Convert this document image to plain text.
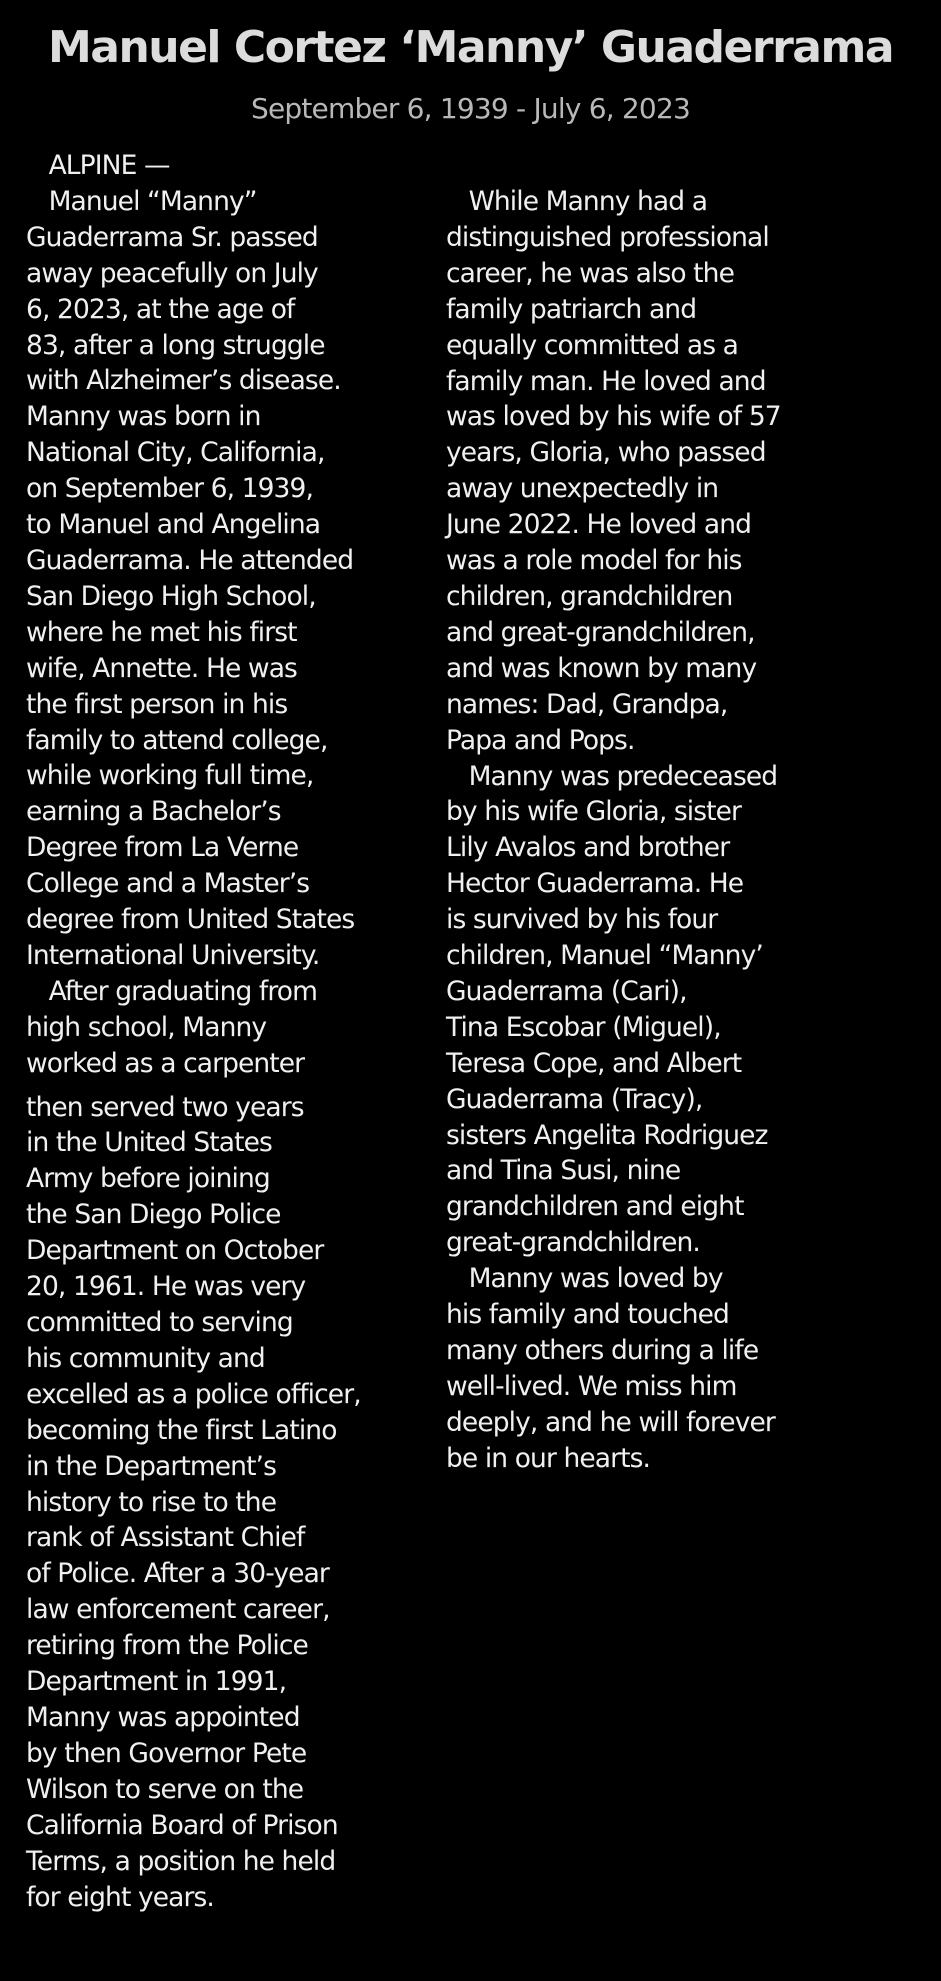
Manuel Cortez ‘Manny’ Guaderrama
September 6, 1939 - July 6, 2023
ALPINE —
Manuel “Manny”
Guaderrama Sr. passed
away peacefully on July
6, 2023, at the age of
83, after a long struggle
with Alzheimer’s disease.
Manny was born in
National City, California,
on September 6, 1939,
to Manuel and Angelina
Guaderrama. He attended
San Diego High School,
where he met his first
wife, Annette. He was
the first person in his
family to attend college,
while working full time,
earning a Bachelor’s
Degree from La Verne
College and a Master’s
degree from United States
International University.
After graduating from
high school, Manny
worked as a carpenter
then served two years
in the United States
Army before joining
the San Diego Police
Department on October
20, 1961. He was very
committed to serving
his community and
excelled as a police officer,
becoming the first Latino
in the Department’s
history to rise to the
rank of Assistant Chief
of Police. After a 30-year
law enforcement career,
retiring from the Police
Department in 1991,
Manny was appointed
by then Governor Pete
Wilson to serve on the
California Board of Prison
Terms, a position he held
for eight years.
While Manny had a
distinguished professional
career, he was also the
family patriarch and
equally committed as a
family man. He loved and
was loved by his wife of 57
years, Gloria, who passed
away unexpectedly in
June 2022. He loved and
was a role model for his
children, grandchildren
and great-grandchildren,
and was known by many
names: Dad, Grandpa,
Papa and Pops.
Manny was predeceased
by his wife Gloria, sister
Lily Avalos and brother
Hector Guaderrama. He
is survived by his four
children, Manuel “Manny’
Guaderrama (Cari),
Tina Escobar (Miguel),
Teresa Cope, and Albert
Guaderrama (Tracy),
sisters Angelita Rodriguez
and Tina Susi, nine
grandchildren and eight
great-grandchildren.
Manny was loved by
his family and touched
many others during a life
well-lived. We miss him
deeply, and he will forever
be in our hearts.
